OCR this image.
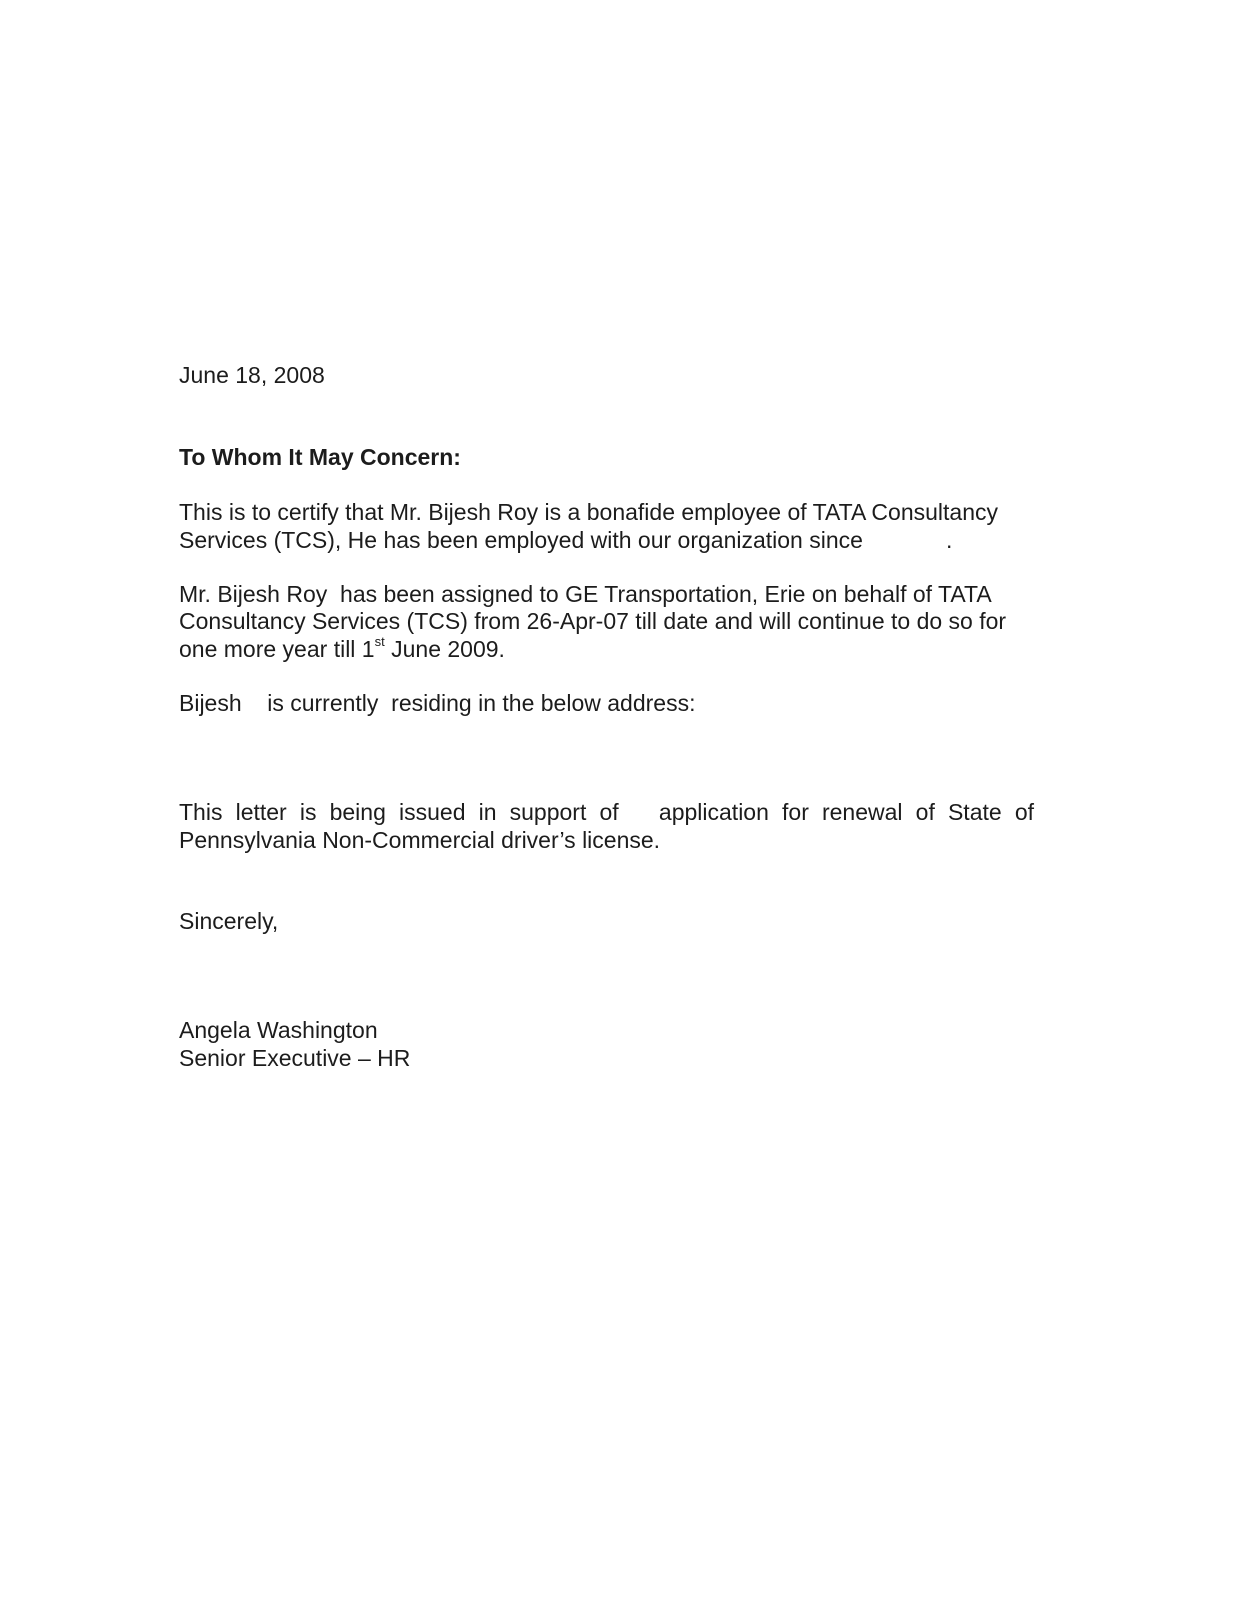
June 18, 2008

To Whom It May Concern:

This is to certify that Mr. Bijesh Roy is a bonafide employee of TATA Consultancy

Services (TCS), He has been employed with our organization since             .

Mr. Bijesh Roy  has been assigned to GE Transportation, Erie on behalf of TATA

Consultancy Services (TCS) from 26-Apr-07 till date and will continue to do so for

one more year till 1st June 2009.

Bijesh    is currently  residing in the below address:

This letter is being issued in support of application for renewal of State of

Pennsylvania Non-Commercial driver’s license.

Sincerely,

Angela Washington

Senior Executive – HR
